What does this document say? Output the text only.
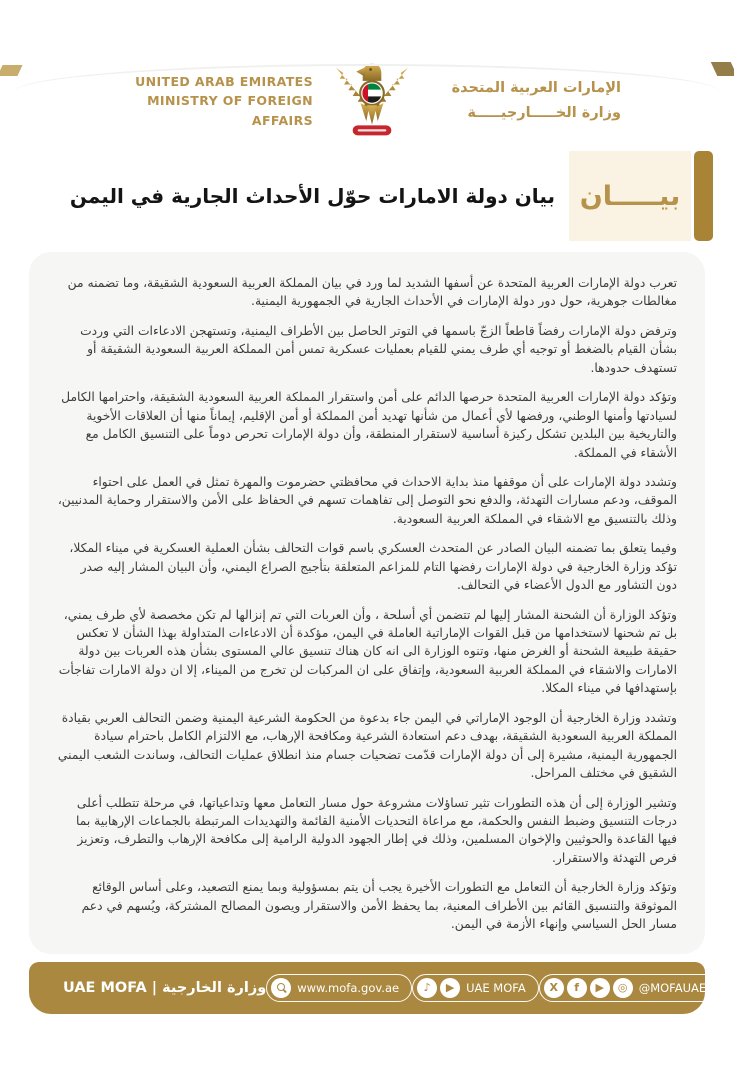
UNITED ARAB EMIRATES
MINISTRY OF FOREIGN AFFAIRS
الإمارات العربية المتحدة
وزارة الخـــــارجيـــــة
بيان دولة الامارات حوّل الأحداث الجارية في اليمن بيـــــان

تعرب دولة الإمارات العربية المتحدة عن أسفها الشديد لما ورد في بيان المملكة العربية السعودية الشقيقة، وما تضمنه من مغالطات جوهرية، حول دور دولة الإمارات في الأحداث الجارية في الجمهورية اليمنية.

وترفض دولة الإمارات رفضاً قاطعاً الزجّ باسمها في التوتر الحاصل بين الأطراف اليمنية، وتستهجن الادعاءات التي وردت بشأن القيام بالضغط أو توجيه أي طرف يمني للقيام بعمليات عسكرية تمس أمن المملكة العربية السعودية الشقيقة أو تستهدف حدودها.

وتؤكد دولة الإمارات العربية المتحدة حرصها الدائم على أمن واستقرار المملكة العربية السعودية الشقيقة، واحترامها الكامل لسيادتها وأمنها الوطني، ورفضها لأي أعمال من شأنها تهديد أمن المملكة أو أمن الإقليم، إيماناً منها أن العلاقات الأخوية والتاريخية بين البلدين تشكل ركيزة أساسية لاستقرار المنطقة، وأن دولة الإمارات تحرص دوماً على التنسيق الكامل مع الأشقاء في المملكة.

وتشدد دولة الإمارات على أن موقفها منذ بداية الاحداث في محافظتي حضرموت والمهرة تمثل في العمل على احتواء الموقف، ودعم مسارات التهدئة، والدفع نحو التوصل إلى تفاهمات تسهم في الحفاظ على الأمن والاستقرار وحماية المدنيين، وذلك بالتنسيق مع الاشقاء في المملكة العربية السعودية.

وفيما يتعلق بما تضمنه البيان الصادر عن المتحدث العسكري باسم قوات التحالف بشأن العملية العسكرية في ميناء المكلا، تؤكد وزارة الخارجية في دولة الإمارات رفضها التام للمزاعم المتعلقة بتأجيج الصراع اليمني، وأن البيان المشار إليه صدر دون التشاور مع الدول الأعضاء في التحالف.

وتؤكد الوزارة أن الشحنة المشار إليها لم تتضمن أي أسلحة ، وأن العربات التي تم إنزالها لم تكن مخصصة لأي طرف يمني، بل تم شحنها لاستخدامها من قبل القوات الإماراتية العاملة في اليمن، مؤكدة أن الادعاءات المتداولة بهذا الشأن لا تعكس حقيقة طبيعة الشحنة أو الغرض منها، وتنوه الوزارة الى انه كان هناك تنسيق عالي المستوى بشأن هذه العربات بين دولة الامارات والاشقاء في المملكة العربية السعودية، وإتفاق على ان المركبات لن تخرج من الميناء، إلا ان دولة الامارات تفاجأت بإستهدافها في ميناء المكلا.

وتشدد وزارة الخارجية أن الوجود الإماراتي في اليمن جاء بدعوة من الحكومة الشرعية اليمنية وضمن التحالف العربي بقيادة المملكة العربية السعودية الشقيقة، بهدف دعم استعادة الشرعية ومكافحة الإرهاب، مع الالتزام الكامل باحترام سيادة الجمهورية اليمنية، مشيرة إلى أن دولة الإمارات قدّمت تضحيات جسام منذ انطلاق عمليات التحالف، وساندت الشعب اليمني الشقيق في مختلف المراحل.

وتشير الوزارة إلى أن هذه التطورات تثير تساؤلات مشروعة حول مسار التعامل معها وتداعياتها، في مرحلة تتطلب أعلى درجات التنسيق وضبط النفس والحكمة، مع مراعاة التحديات الأمنية القائمة والتهديدات المرتبطة بالجماعات الإرهابية بما فيها القاعدة والحوثيين والإخوان المسلمين، وذلك في إطار الجهود الدولية الرامية إلى مكافحة الإرهاب والتطرف، وتعزيز فرص التهدئة والاستقرار.

وتؤكد وزارة الخارجية أن التعامل مع التطورات الأخيرة يجب أن يتم بمسؤولية وبما يمنع التصعيد، وعلى أساس الوقائع الموثوقة والتنسيق القائم بين الأطراف المعنية، بما يحفظ الأمن والاستقرار ويصون المصالح المشتركة، ويُسهم في دعم مسار الحل السياسي وإنهاء الأزمة في اليمن.

وزارة الخارجية | UAE MOFA	www.mofa.gov.ae	♪	▶	UAE MOFA	X	f	▶	◎ @MOFAUAE
